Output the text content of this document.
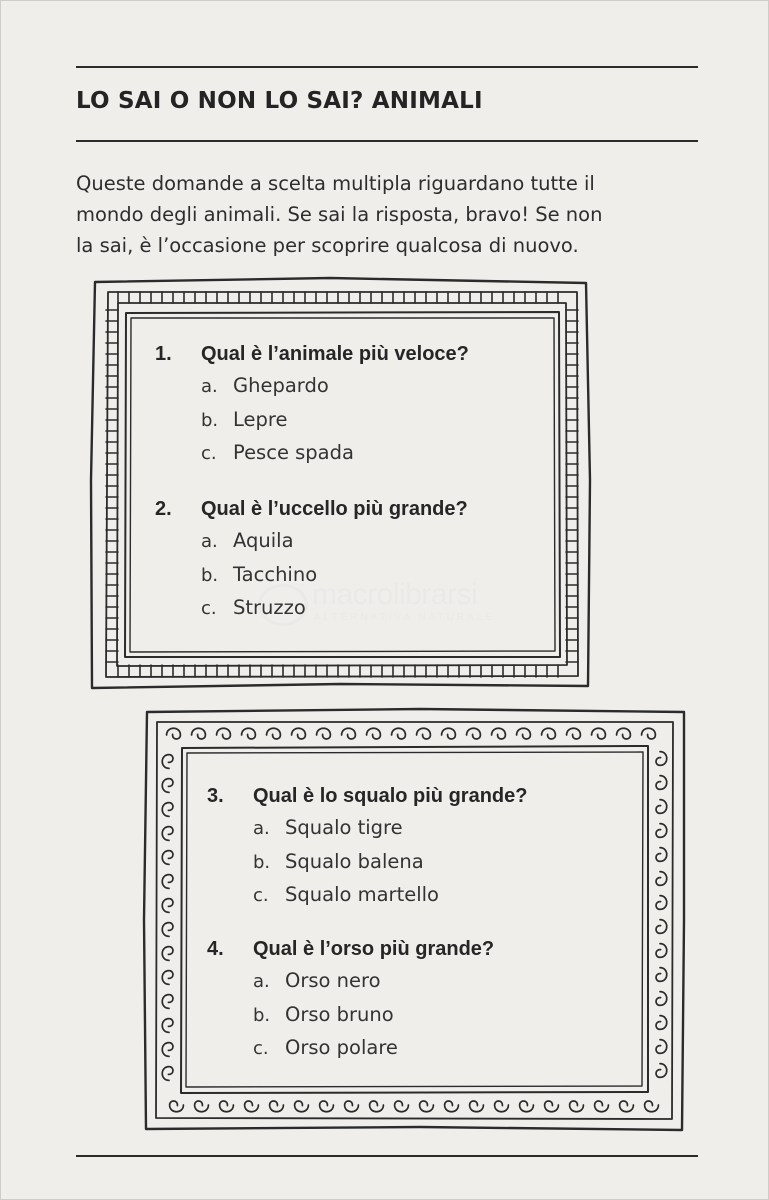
LO SAI O NON LO SAI? ANIMALI
Queste domande a scelta multipla riguardano tutte il
mondo degli animali. Se sai la risposta, bravo! Se non
la sai, è l’occasione per scoprire qualcosa di nuovo.
macrolibrarsi
ALTERNATIVA NATURALE
1. Qual è l’animale più veloce?
a. Ghepardo
b. Lepre
c. Pesce spada
2. Qual è l’uccello più grande?
a. Aquila
b. Tacchino
c. Struzzo
3. Qual è lo squalo più grande?
a. Squalo tigre
b. Squalo balena
c. Squalo martello
4. Qual è l’orso più grande?
a. Orso nero
b. Orso bruno
c. Orso polare
